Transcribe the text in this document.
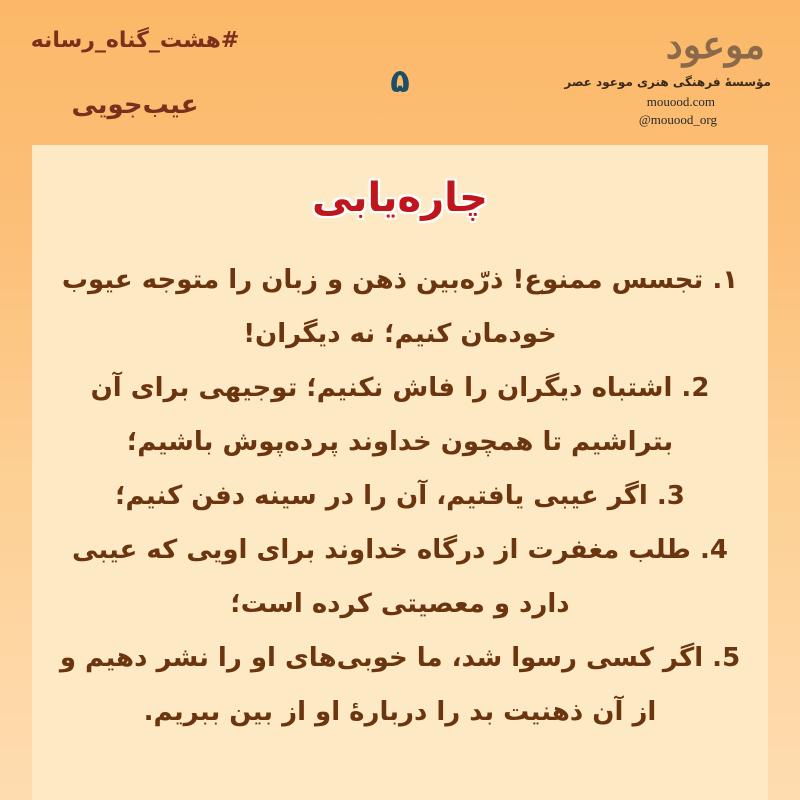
#هشت_گناه_رسانه
عیب‌جویی
۵
موعود
مؤسسهٔ فرهنگی هنری موعود عصر
mouood.com
@mouood_org
چاره‌یابی
۱. تجسس ممنوع! ذرّه‌بین ذهن و زبان را متوجه عیوب خودمان کنیم؛ نه دیگران!
2. اشتباه دیگران را فاش نکنیم؛ توجیهی برای آن بتراشیم تا همچون خداوند پرده‌پوش باشیم؛
3. اگر عیبی یافتیم، آن را در سینه دفن کنیم؛
4. طلب مغفرت از درگاه خداوند برای اویی که عیبی دارد و معصیتی کرده است؛
5. اگر کسی رسوا شد، ما خوبی‌های او را نشر دهیم و از آن ذهنیت بد را دربارهٔ او از بین ببریم.
